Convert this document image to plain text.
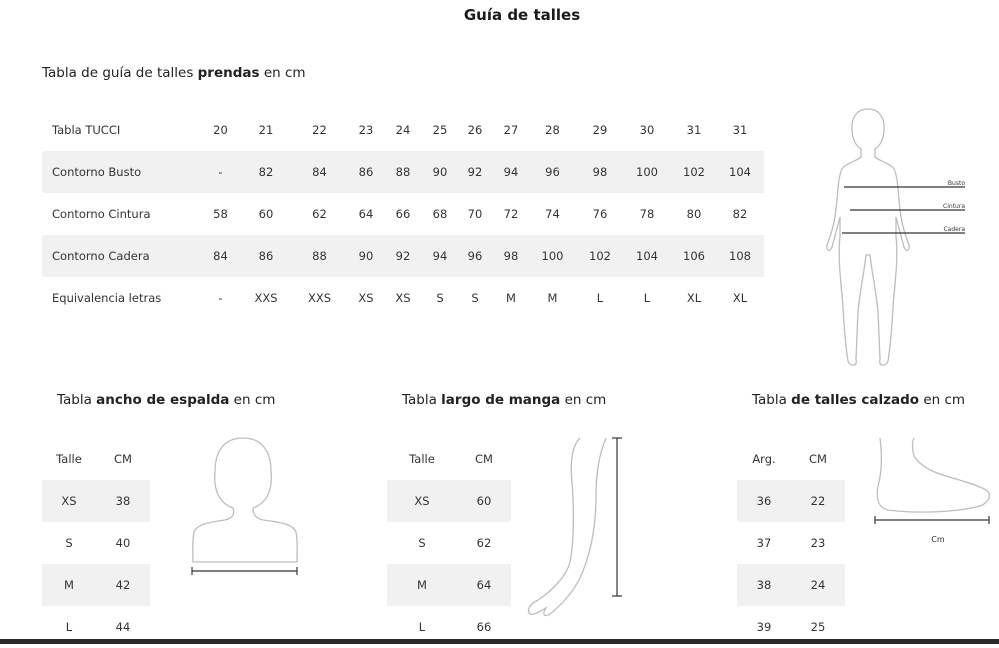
Guía de talles
Tabla de guía de talles prendas en cm
Tabla TUCCI	20	21	22	23	24	25	26	27	28	29	30	31	31
Contorno Busto	-	82	84	86	88	90	92	94	96	98	100	102	104
Contorno Cintura	58	60	62	64	66	68	70	72	74	76	78	80	82
Contorno Cadera	84	86	88	90	92	94	96	98	100	102	104	106	108
Equivalencia letras	-	XXS	XXS	XS	XS	S	S	M	M	L	L	XL	XL
Busto
Cintura
Cadera
Tabla ancho de espalda en cm
Talle	CM
XS	38
S	40
M	42
L	44
Tabla largo de manga en cm
Talle	CM
XS	60
S	62
M	64
L	66
Tabla de talles calzado en cm
Arg.	CM
36	22
37	23
38	24
39	25
Cm
